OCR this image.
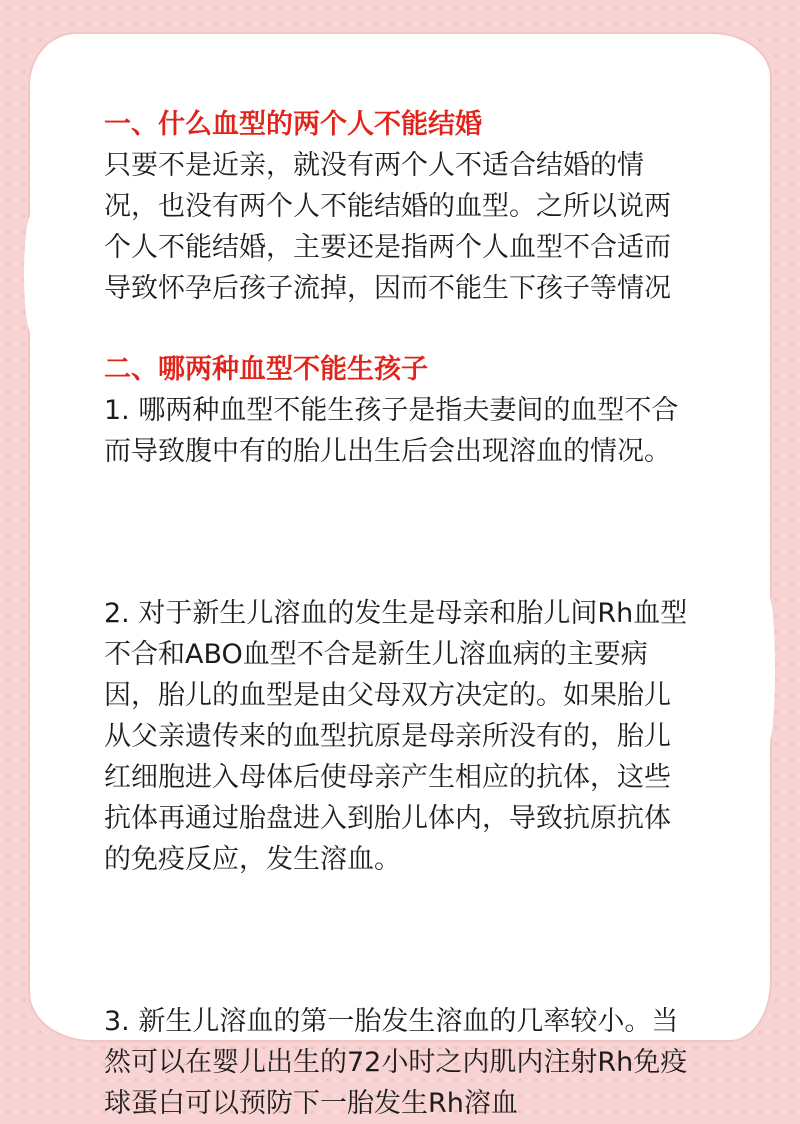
一、什么血型的两个人不能结婚

只要不是近亲，就没有两个人不适合结婚的情

况，也没有两个人不能结婚的血型。之所以说两

个人不能结婚，主要还是指两个人血型不合适而

导致怀孕后孩子流掉，因而不能生下孩子等情况

二、哪两种血型不能生孩子

1. 哪两种血型不能生孩子是指夫妻间的血型不合

而导致腹中有的胎儿出生后会出现溶血的情况。

2. 对于新生儿溶血的发生是母亲和胎儿间Rh血型

不合和ABO血型不合是新生儿溶血病的主要病

因，胎儿的血型是由父母双方决定的。如果胎儿

从父亲遗传来的血型抗原是母亲所没有的，胎儿

红细胞进入母体后使母亲产生相应的抗体，这些

抗体再通过胎盘进入到胎儿体内，导致抗原抗体

的免疫反应，发生溶血。

3. 新生儿溶血的第一胎发生溶血的几率较小。当

然可以在婴儿出生的72小时之内肌内注射Rh免疫

球蛋白可以预防下一胎发生Rh溶血
